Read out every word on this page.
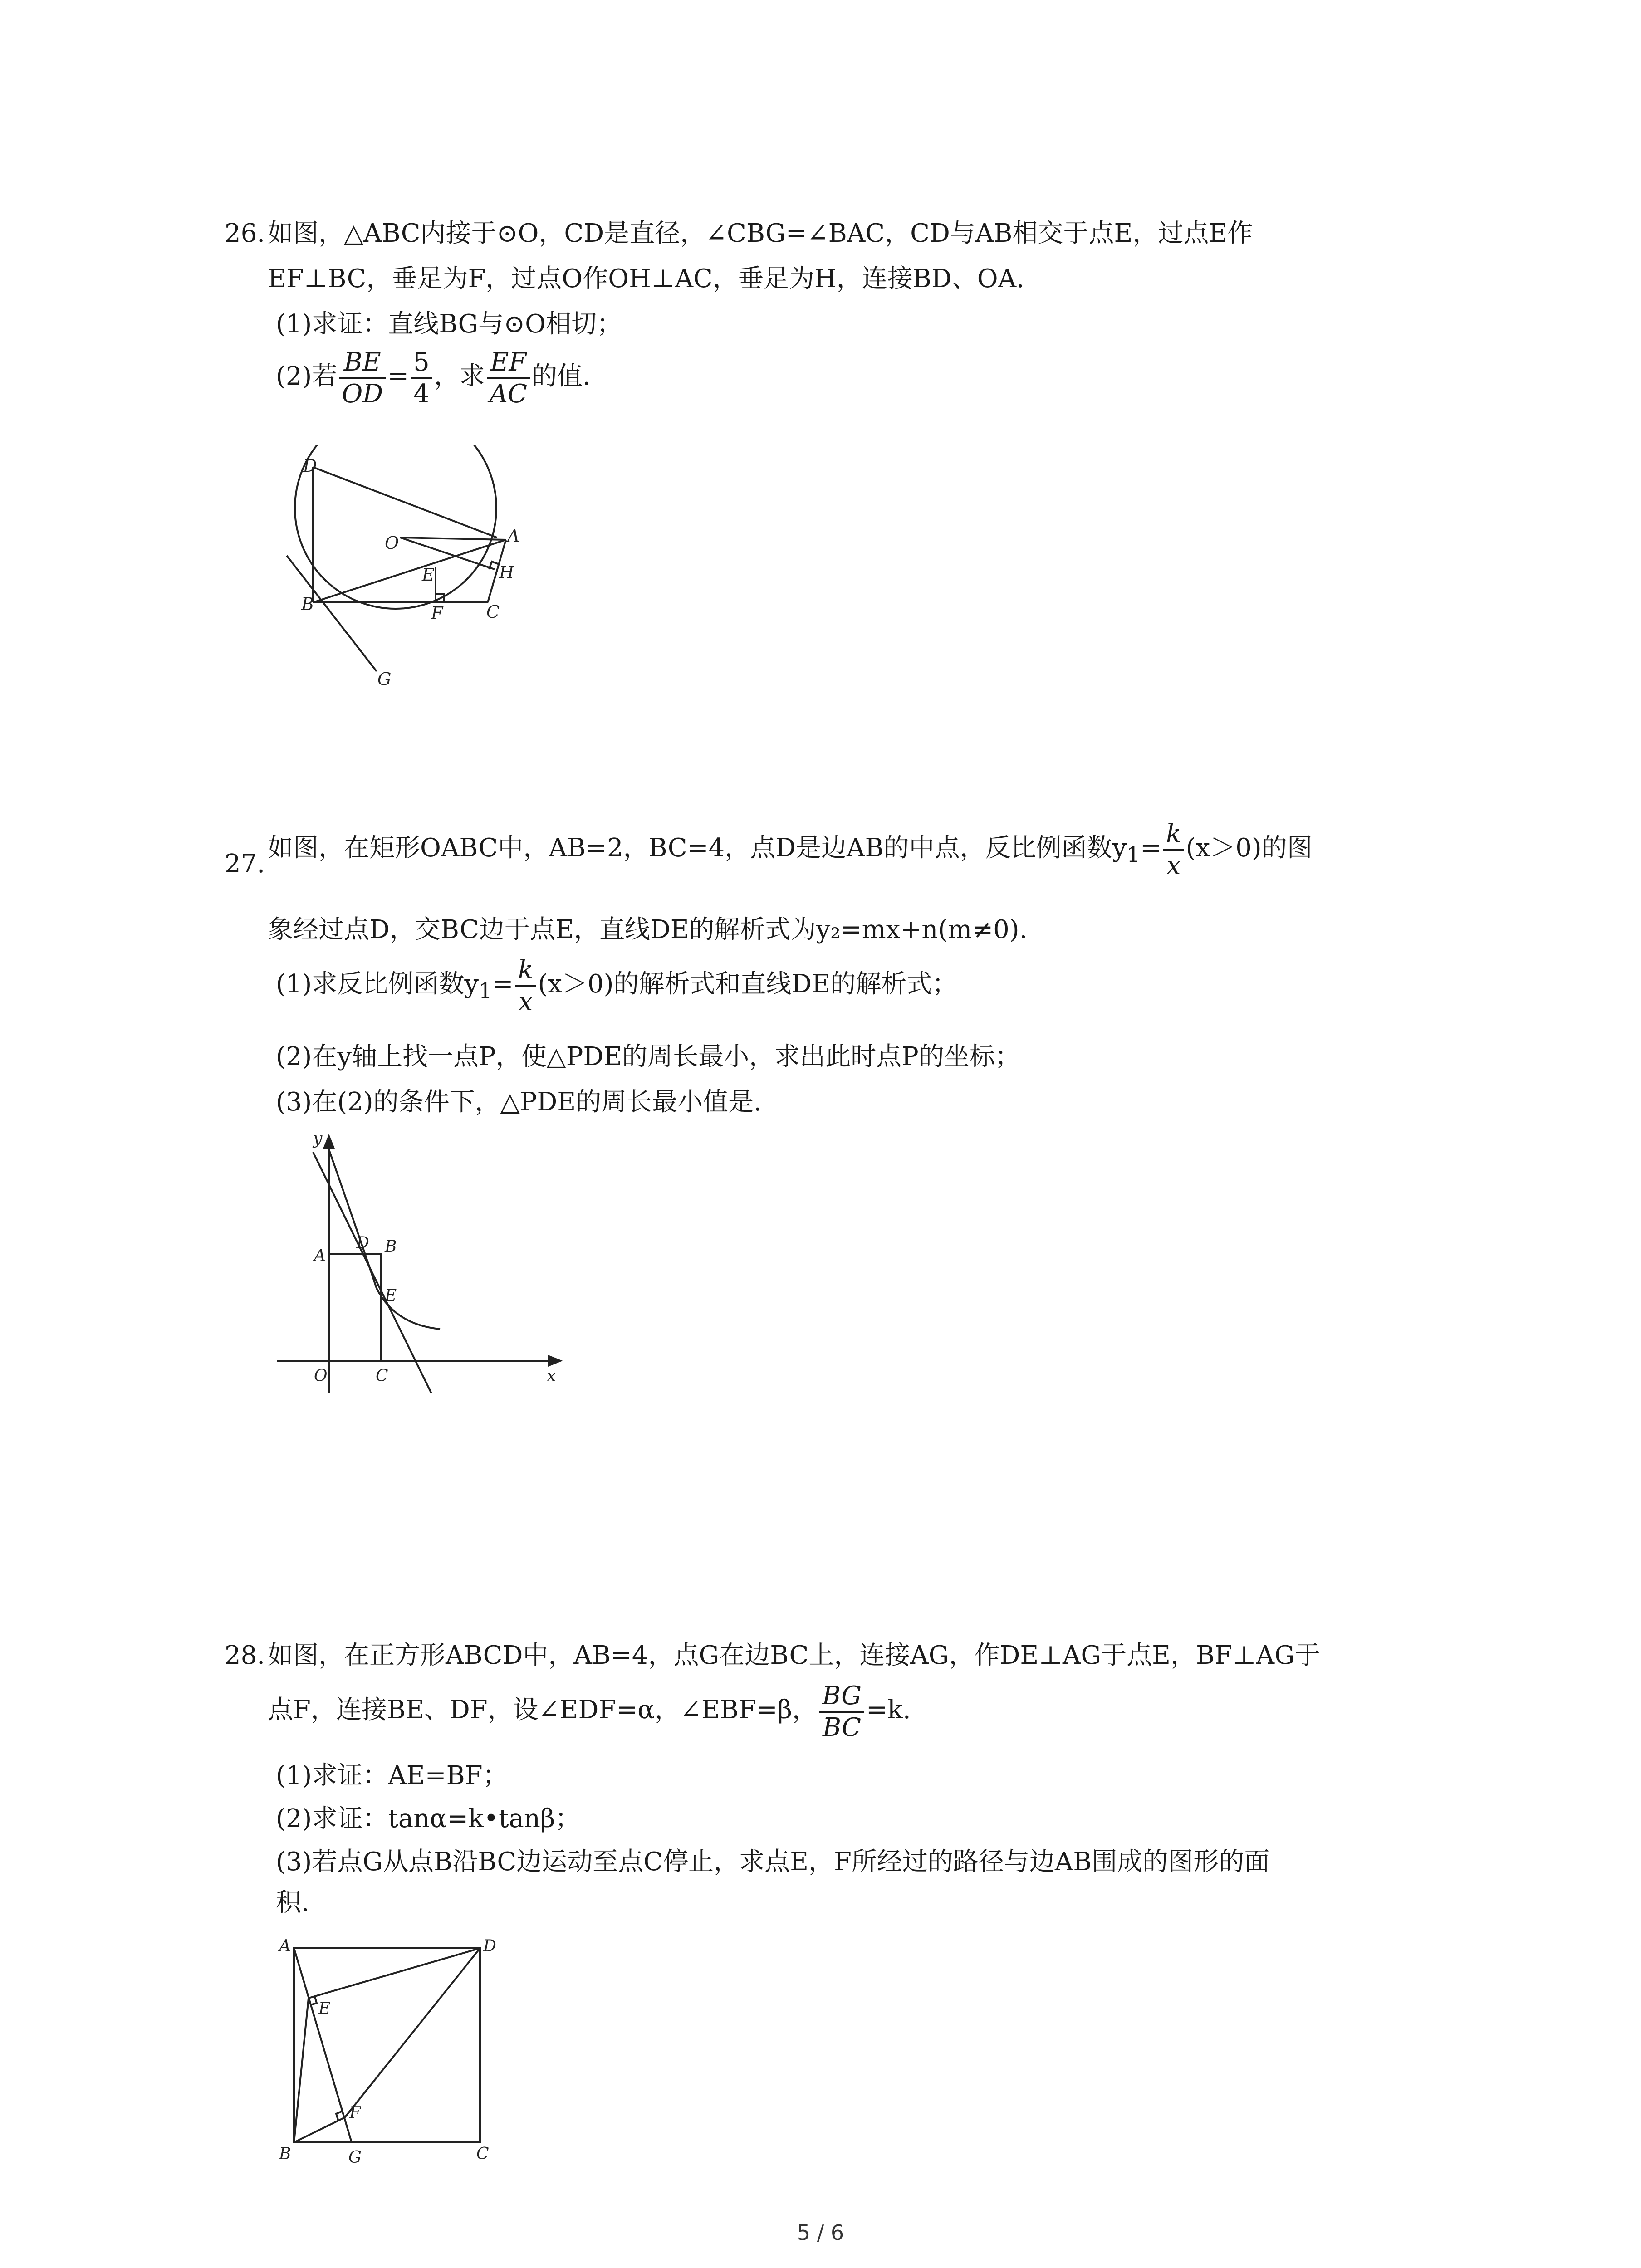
26. 如图，△ABC内接于⊙O，CD是直径，∠CBG=∠BAC，CD与AB相交于点E，过点E作
EF⊥BC，垂足为F，过点O作OH⊥AC，垂足为H，连接BD、OA.
(1)求证：直线BG与⊙O相切；
(2)若 $\frac{BE}{OD} = \frac{5}{4}$ ，求 $\frac{EF}{AC}$ 的值.
D
O	A
E	H
B	F	C
G
27.
如图，在矩形OABC中，AB=2，BC=4，点D是边AB的中点，反比例函数$y_1= \frac{k}{x} (x>0)$的图
象经过点D，交BC边于点E，直线DE的解析式为y₂=mx+n(m≠0).
(1)求反比例函数$y_1= \frac{k}{x} (x>0)$的解析式和直线DE的解析式；
(2)在y轴上找一点P，使△PDE的周长最小，求出此时点P的坐标；
(3)在(2)的条件下，△PDE的周长最小值是.
y
A
D B
E
O	C	x
28. 如图，在正方形ABCD中，AB=4，点G在边BC上，连接AG，作DE⊥AG于点E，BF⊥AG于
点F，连接BE、DF，设∠EDF=α，∠EBF=β， $\frac{BG}{BC} =k$.
(1)求证：AE=BF；
(2)求证：tanα=k•tanβ；
(3)若点G从点B沿BC边运动至点C停止，求点E，F所经过的路径与边AB围成的图形的面
积.
A	D
E
F
B	G	C
5 / 6
